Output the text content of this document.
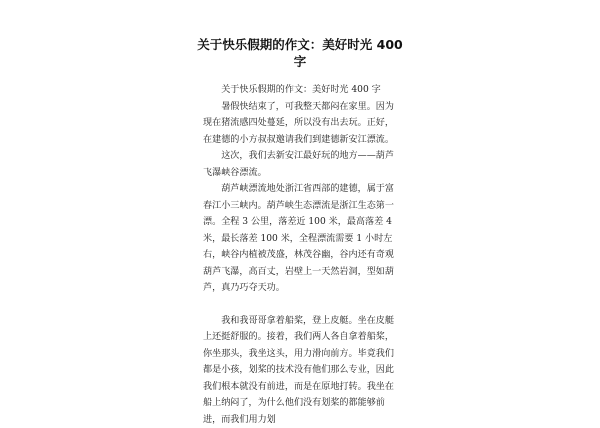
关于快乐假期的作文：美好时光 400 字

关于快乐假期的作文：美好时光 400 字

暑假快结束了，可我整天都闷在家里。因为现在猪流感四处蔓延，所以没有出去玩。正好，在建德的小方叔叔邀请我们到建德新安江漂流。

这次，我们去新安江最好玩的地方——葫芦飞瀑峡谷漂流。

葫芦峡漂流地处浙江省西部的建德，属于富春江小三峡内。葫芦峡生态漂流是浙江生态第一漂。全程 3 公里，落差近 100 米，最高落差 4 米，最长落差 100 米，全程漂流需要 1 小时左右，峡谷内植被茂盛，林茂谷幽，谷内还有奇观葫芦飞瀑，高百丈，岩壁上一天然岩洞，型如葫芦，真乃巧夺天功。

我和我哥哥拿着船桨，登上皮艇。坐在皮艇上还挺舒服的。接着，我们两人各自拿着船桨，你坐那头，我坐这头，用力滑向前方。毕竟我们都是小孩，划桨的技术没有他们那么专业，因此我们根本就没有前进，而是在原地打转。我坐在船上纳闷了，为什么他们没有划桨的都能够前进，而我们用力划
